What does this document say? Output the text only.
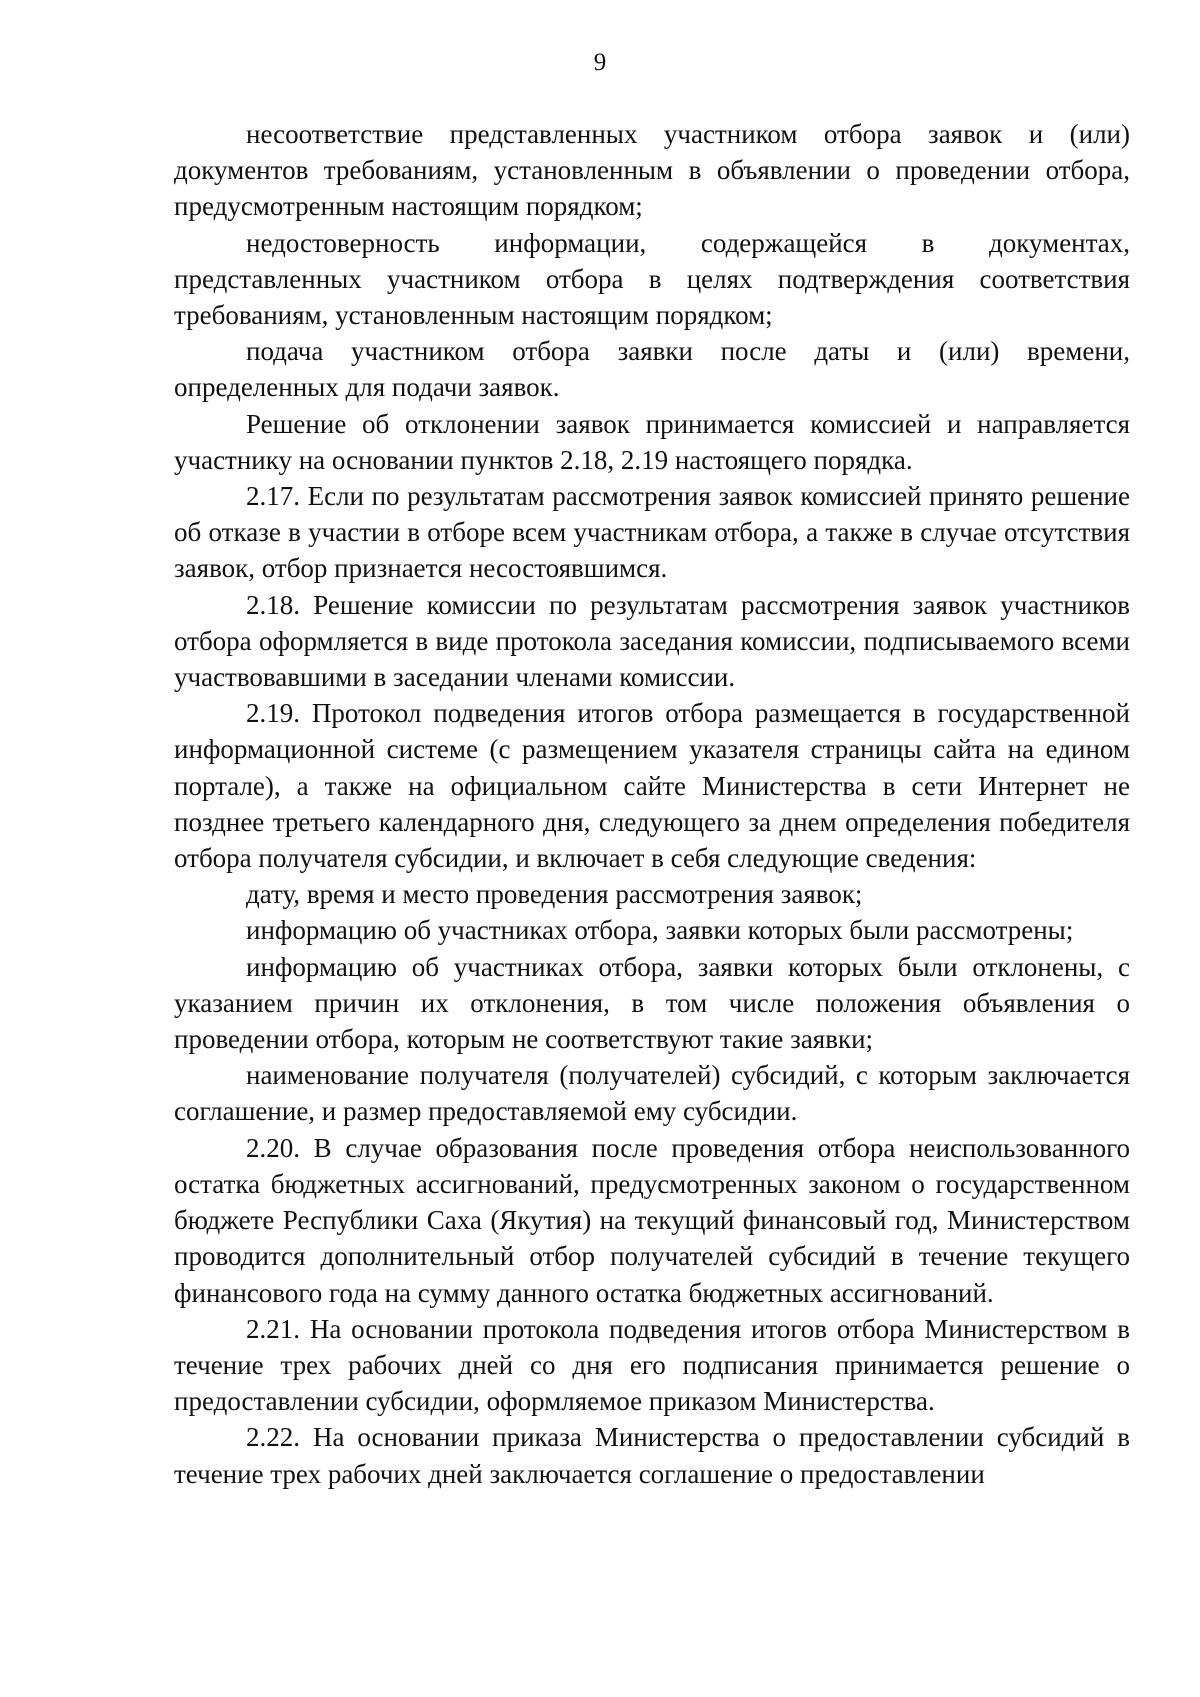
9

несоответствие представленных участником отбора заявок и (или) документов требованиям, установленным в объявлении о проведении отбора, предусмотренным настоящим порядком;

недостоверность информации, содержащейся в документах, представленных участником отбора в целях подтверждения соответствия требованиям, установленным настоящим порядком;

подача участником отбора заявки после даты и (или) времени, определенных для подачи заявок.

Решение об отклонении заявок принимается комиссией и направляется участнику на основании пунктов 2.18, 2.19 настоящего порядка.

2.17. Если по результатам рассмотрения заявок комиссией принято решение об отказе в участии в отборе всем участникам отбора, а также в случае отсутствия заявок, отбор признается несостоявшимся.

2.18. Решение комиссии по результатам рассмотрения заявок участников отбора оформляется в виде протокола заседания комиссии, подписываемого всеми участвовавшими в заседании членами комиссии.

2.19. Протокол подведения итогов отбора размещается в государственной информационной системе (с размещением указателя страницы сайта на едином портале), а также на официальном сайте Министерства в сети Интернет не позднее третьего календарного дня, следующего за днем определения победителя отбора получателя субсидии, и включает в себя следующие сведения:

дату, время и место проведения рассмотрения заявок;

информацию об участниках отбора, заявки которых были рассмотрены;

информацию об участниках отбора, заявки которых были отклонены, с указанием причин их отклонения, в том числе положения объявления о проведении отбора, которым не соответствуют такие заявки;

наименование получателя (получателей) субсидий, с которым заключается соглашение, и размер предоставляемой ему субсидии.

2.20. В случае образования после проведения отбора неиспользованного остатка бюджетных ассигнований, предусмотренных законом о государственном бюджете Республики Саха (Якутия) на текущий финансовый год, Министерством проводится дополнительный отбор получателей субсидий в течение текущего финансового года на сумму данного остатка бюджетных ассигнований.

2.21. На основании протокола подведения итогов отбора Министерством в течение трех рабочих дней со дня его подписания принимается решение о предоставлении субсидии, оформляемое приказом Министерства.

2.22. На основании приказа Министерства о предоставлении субсидий в течение трех рабочих дней заключается соглашение о предоставлении
